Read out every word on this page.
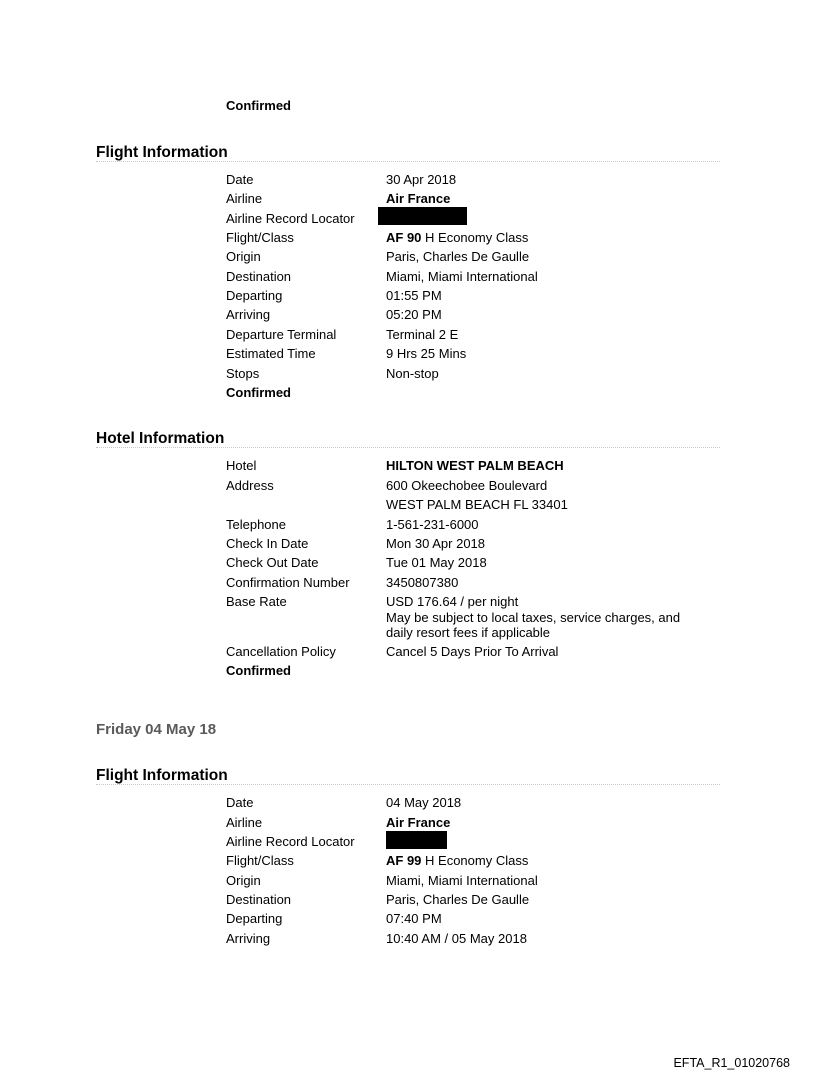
Confirmed
Flight Information
Date
Airline
Airline Record Locator
Flight/Class
Origin
Destination
Departing
Arriving
Departure Terminal
Estimated Time
Stops
Confirmed
30 Apr 2018
Air France
AF 90 H Economy Class
Paris, Charles De Gaulle
Miami, Miami International
01:55 PM
05:20 PM
Terminal 2 E
9 Hrs 25 Mins
Non-stop
Hotel Information
Hotel
Address
Telephone
Check In Date
Check Out Date
Confirmation Number
Base Rate
Cancellation Policy
Confirmed
HILTON WEST PALM BEACH
600 Okeechobee Boulevard
WEST PALM BEACH FL 33401
1-561-231-6000
Mon 30 Apr 2018
Tue 01 May 2018
3450807380
USD 176.64 / per night
May be subject to local taxes, service charges, and
daily resort fees if applicable
Cancel 5 Days Prior To Arrival
Friday 04 May 18
Flight Information
Date
Airline
Airline Record Locator
Flight/Class
Origin
Destination
Departing
Arriving
04 May 2018
Air France
AF 99 H Economy Class
Miami, Miami International
Paris, Charles De Gaulle
07:40 PM
10:40 AM / 05 May 2018
EFTA_R1_01020768
